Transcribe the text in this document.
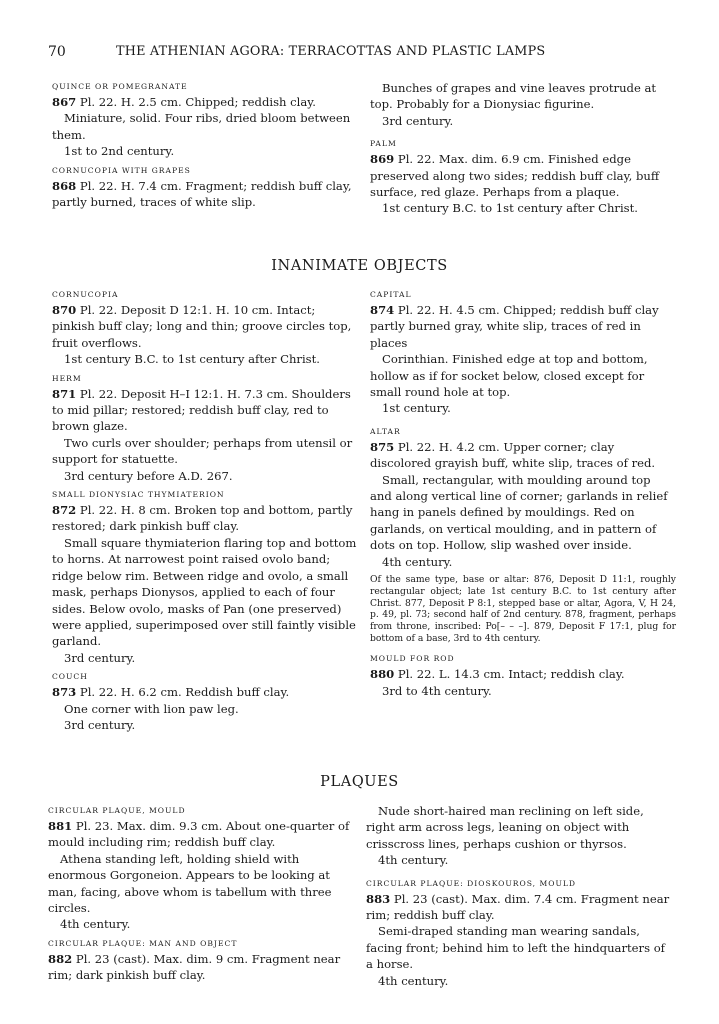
70	THE ATHENIAN AGORA: TERRACOTTAS AND PLASTIC LAMPS
QUINCE OR POMEGRANATE
867 Pl. 22. H. 2.5 cm. Chipped; reddish clay.
Miniature, solid. Four ribs, dried bloom between them.
1st to 2nd century.
CORNUCOPIA WITH GRAPES
868 Pl. 22. H. 7.4 cm. Fragment; reddish buff clay, partly burned, traces of white slip.
Bunches of grapes and vine leaves protrude at top. Probably for a Dionysiac figurine.
3rd century.
PALM
869 Pl. 22. Max. dim. 6.9 cm. Finished edge preserved along two sides; reddish buff clay, buff surface, red glaze. Perhaps from a plaque.
1st century B.C. to 1st century after Christ.
INANIMATE OBJECTS
CORNUCOPIA
870 Pl. 22. Deposit D 12:1. H. 10 cm. Intact; pinkish buff clay; long and thin; groove circles top, fruit overflows.
1st century B.C. to 1st century after Christ.
HERM
871 Pl. 22. Deposit H–I 12:1. H. 7.3 cm. Shoulders to mid pillar; restored; reddish buff clay, red to brown glaze.
Two curls over shoulder; perhaps from utensil or support for statuette.
3rd century before A.D. 267.
SMALL DIONYSIAC THYMIATERION
872 Pl. 22. H. 8 cm. Broken top and bottom, partly restored; dark pinkish buff clay.
Small square thymiaterion flaring top and bottom to horns. At narrowest point raised ovolo band; ridge below rim. Between ridge and ovolo, a small mask, perhaps Dionysos, applied to each of four sides. Below ovolo, masks of Pan (one preserved) were applied, superimposed over still faintly visible garland.
3rd century.
COUCH
873 Pl. 22. H. 6.2 cm. Reddish buff clay.
One corner with lion paw leg.
3rd century.
CAPITAL
874 Pl. 22. H. 4.5 cm. Chipped; reddish buff clay partly burned gray, white slip, traces of red in places
Corinthian. Finished edge at top and bottom, hollow as if for socket below, closed except for small round hole at top.
1st century.
ALTAR
875 Pl. 22. H. 4.2 cm. Upper corner; clay discolored grayish buff, white slip, traces of red.
Small, rectangular, with moulding around top and along vertical line of corner; garlands in relief hang in panels defined by mouldings. Red on garlands, on vertical moulding, and in pattern of dots on top. Hollow, slip washed over inside.
4th century.
Of the same type, base or altar: 876, Deposit D 11:1, roughly rectangular object; late 1st century B.C. to 1st century after Christ. 877, Deposit P 8:1, stepped base or altar, Agora, V, H 24, p. 49, pl. 73; second half of 2nd century. 878, fragment, perhaps from throne, inscribed: Po[– – –]. 879, Deposit F 17:1, plug for bottom of a base, 3rd to 4th century.
MOULD FOR ROD
880 Pl. 22. L. 14.3 cm. Intact; reddish clay.
3rd to 4th century.
PLAQUES
CIRCULAR PLAQUE, MOULD
881 Pl. 23. Max. dim. 9.3 cm. About one-quarter of mould including rim; reddish buff clay.
Athena standing left, holding shield with enormous Gorgoneion. Appears to be looking at man, facing, above whom is tabellum with three circles.
4th century.
CIRCULAR PLAQUE: MAN AND OBJECT
882 Pl. 23 (cast). Max. dim. 9 cm. Fragment near rim; dark pinkish buff clay.
Nude short-haired man reclining on left side, right arm across legs, leaning on object with crisscross lines, perhaps cushion or thyrsos.
4th century.
CIRCULAR PLAQUE: DIOSKOUROS, MOULD
883 Pl. 23 (cast). Max. dim. 7.4 cm. Fragment near rim; reddish buff clay.
Semi-draped standing man wearing sandals, facing front; behind him to left the hindquarters of a horse.
4th century.
